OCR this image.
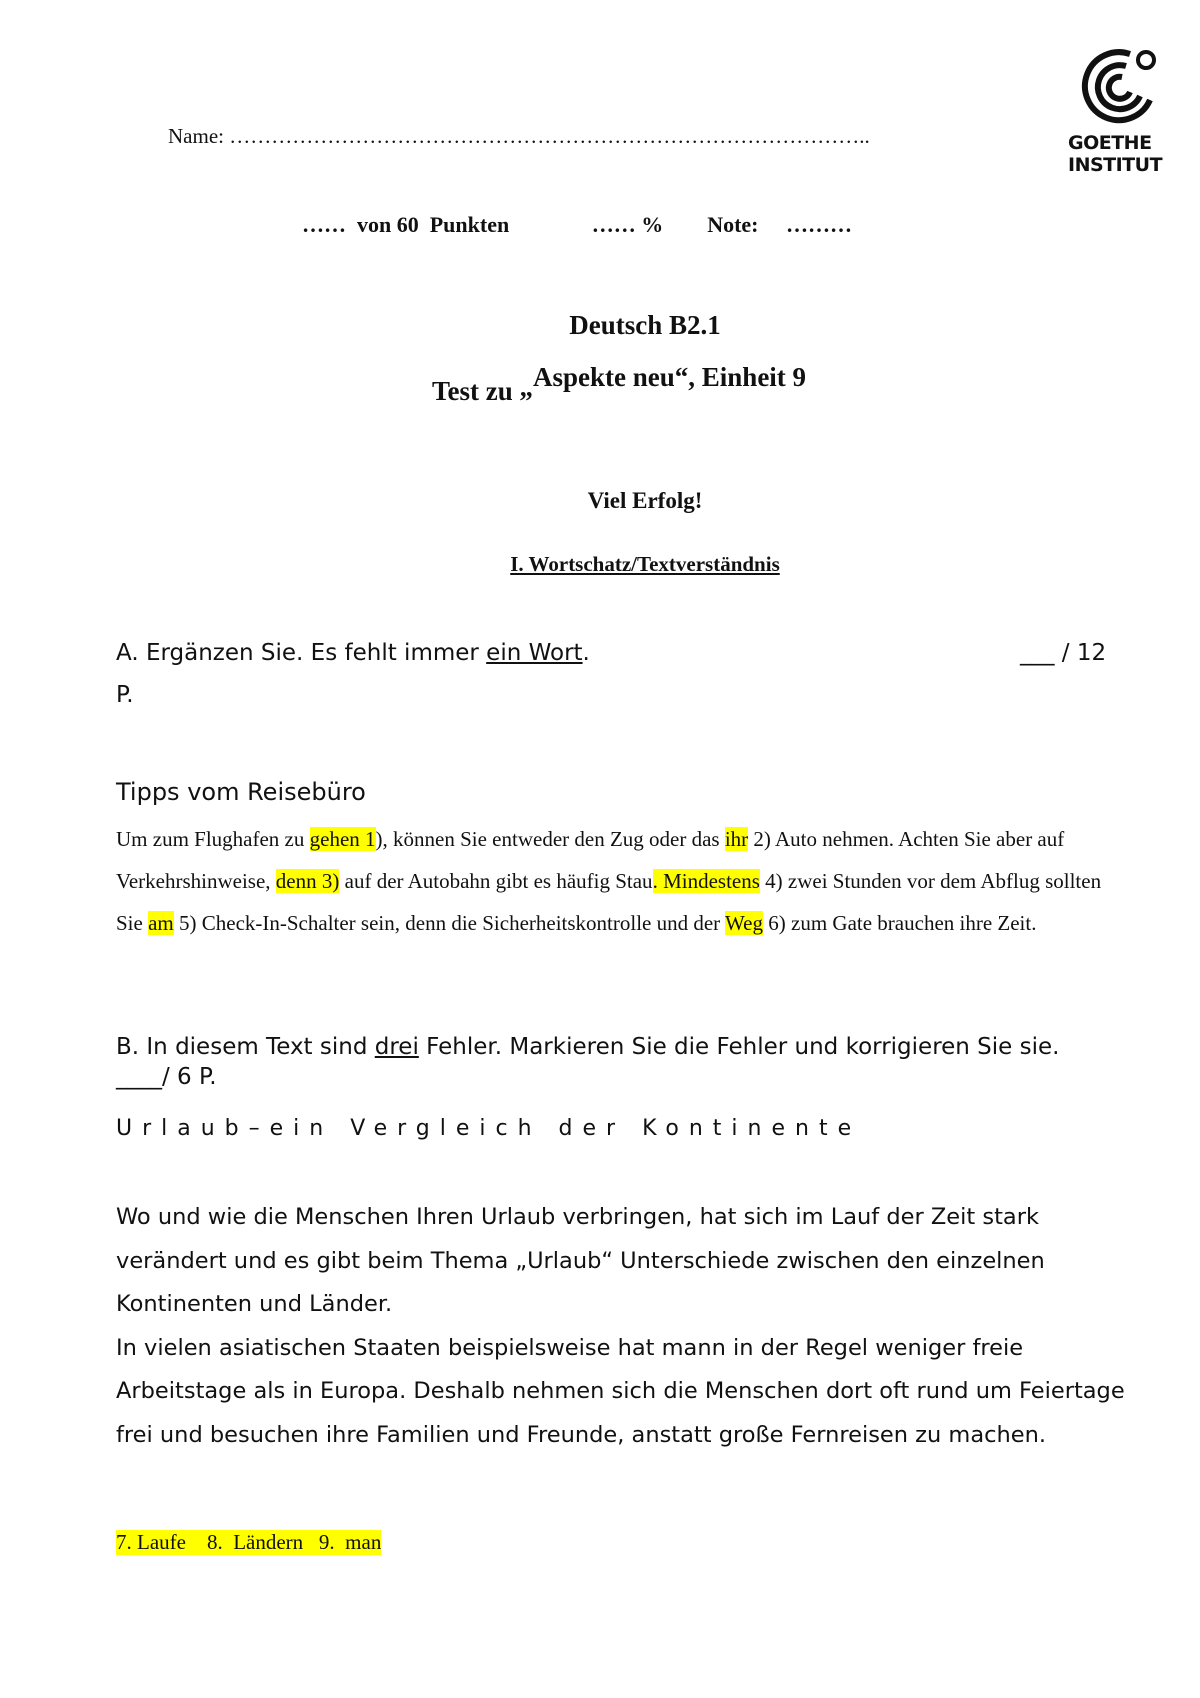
Name: ………………………………………………………………………………..
……  von 60  Punkten               …… %        Note:     ………
GOETHE
INSTITUT
Deutsch B2.1
Test zu „Aspekte neu“, Einheit 9
Viel Erfolg!
I. Wortschatz/Textverständnis
A. Ergänzen Sie. Es fehlt immer ein Wort.	___ / 12
P.
Tipps vom Reisebüro
Um zum Flughafen zu gehen 1), können Sie entweder den Zug oder das ihr 2) Auto nehmen. Achten Sie aber auf Verkehrshinweise, denn 3) auf der Autobahn gibt es häufig Stau. Mindestens 4) zwei Stunden vor dem Abflug sollten Sie am 5) Check-In-Schalter sein, denn die Sicherheitskontrolle und der Weg 6) zum Gate brauchen ihre Zeit.
B. In diesem Text sind drei Fehler. Markieren Sie die Fehler und korrigieren Sie sie.
____/ 6 P.
Urlaub–ein Vergleich der Kontinente

Wo und wie die Menschen Ihren Urlaub verbringen, hat sich im Lauf der Zeit stark verändert und es gibt beim Thema „Urlaub“ Unterschiede zwischen den einzelnen Kontinenten und Länder.

In vielen asiatischen Staaten beispielsweise hat mann in der Regel weniger freie Arbeitstage als in Europa. Deshalb nehmen sich die Menschen dort oft rund um Feiertage frei und besuchen ihre Familien und Freunde, anstatt große Fernreisen zu machen.

7. Laufe    8.  Ländern   9.  man
